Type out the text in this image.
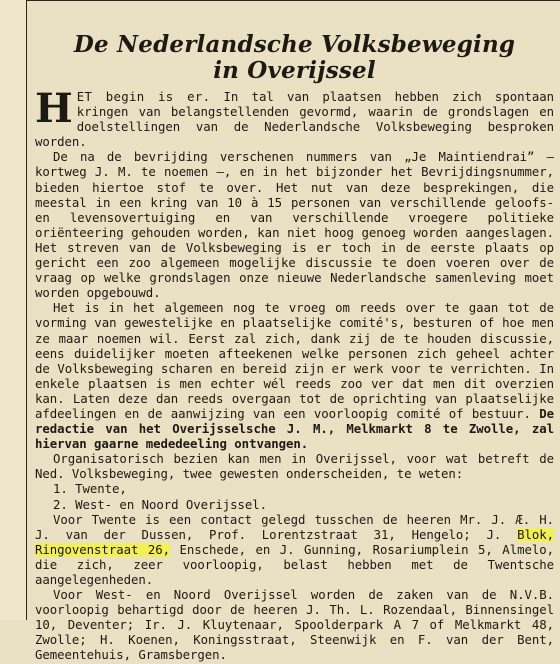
De Nederlandsche Volksbeweging
in Overijssel

HET begin is er. In tal van plaatsen hebben zich spontaan kringen van belangstellenden gevormd, waarin de grondslagen en doelstellingen van de Nederlandsche Volksbeweging besproken worden.

De na de bevrijding verschenen nummers van „Je Maintiendrai” — kortweg J. M. te noemen —, en in het bijzonder het Bevrijdingsnummer, bieden hiertoe stof te over. Het nut van deze besprekingen, die meestal in een kring van 10 à 15 personen van verschillende geloofs- en levensovertuiging en van verschillende vroegere politieke oriënteering gehouden worden, kan niet hoog genoeg worden aangeslagen. Het streven van de Volksbeweging is er toch in de eerste plaats op gericht een zoo algemeen mogelijke discussie te doen voeren over de vraag op welke grondslagen onze nieuwe Nederlandsche samenleving moet worden opgebouwd.

Het is in het algemeen nog te vroeg om reeds over te gaan tot de vorming van gewestelijke en plaatselijke comité's, besturen of hoe men ze maar noemen wil. Eerst zal zich, dank zij de te houden discussie, eens duidelijker moeten afteekenen welke personen zich geheel achter de Volksbeweging scharen en bereid zijn er werk voor te verrichten. In enkele plaatsen is men echter wél reeds zoo ver dat men dit overzien kan. Laten deze dan reeds overgaan tot de oprichting van plaatselijke afdeelingen en de aanwijzing van een voorloopig comité of bestuur. De redactie van het Overijsselsche J. M., Melkmarkt 8 te Zwolle, zal hiervan gaarne mededeeling ontvangen.

Organisatorisch bezien kan men in Overijssel, voor wat betreft de Ned. Volksbeweging, twee gewesten onderscheiden, te weten:

1. Twente,
2. West- en Noord Overijssel.

Voor Twente is een contact gelegd tusschen de heeren Mr. J. Æ. H. J. van der Dussen, Prof. Lorentzstraat 31, Hengelo; J. Blok, Ringovenstraat 26, Enschede, en J. Gunning, Rosariumplein 5, Almelo, die zich, zeer voorloopig, belast hebben met de Twentsche aangelegenheden.

Voor West- en Noord Overijssel worden de zaken van de N.V.B. voorloopig behartigd door de heeren J. Th. L. Rozendaal, Binnensingel 10, Deventer; Ir. J. Kluytenaar, Spoolderpark A 7 of Melkmarkt 48, Zwolle; H. Koenen, Koningsstraat, Steenwijk en F. van der Bent, Gemeentehuis, Gramsbergen.
